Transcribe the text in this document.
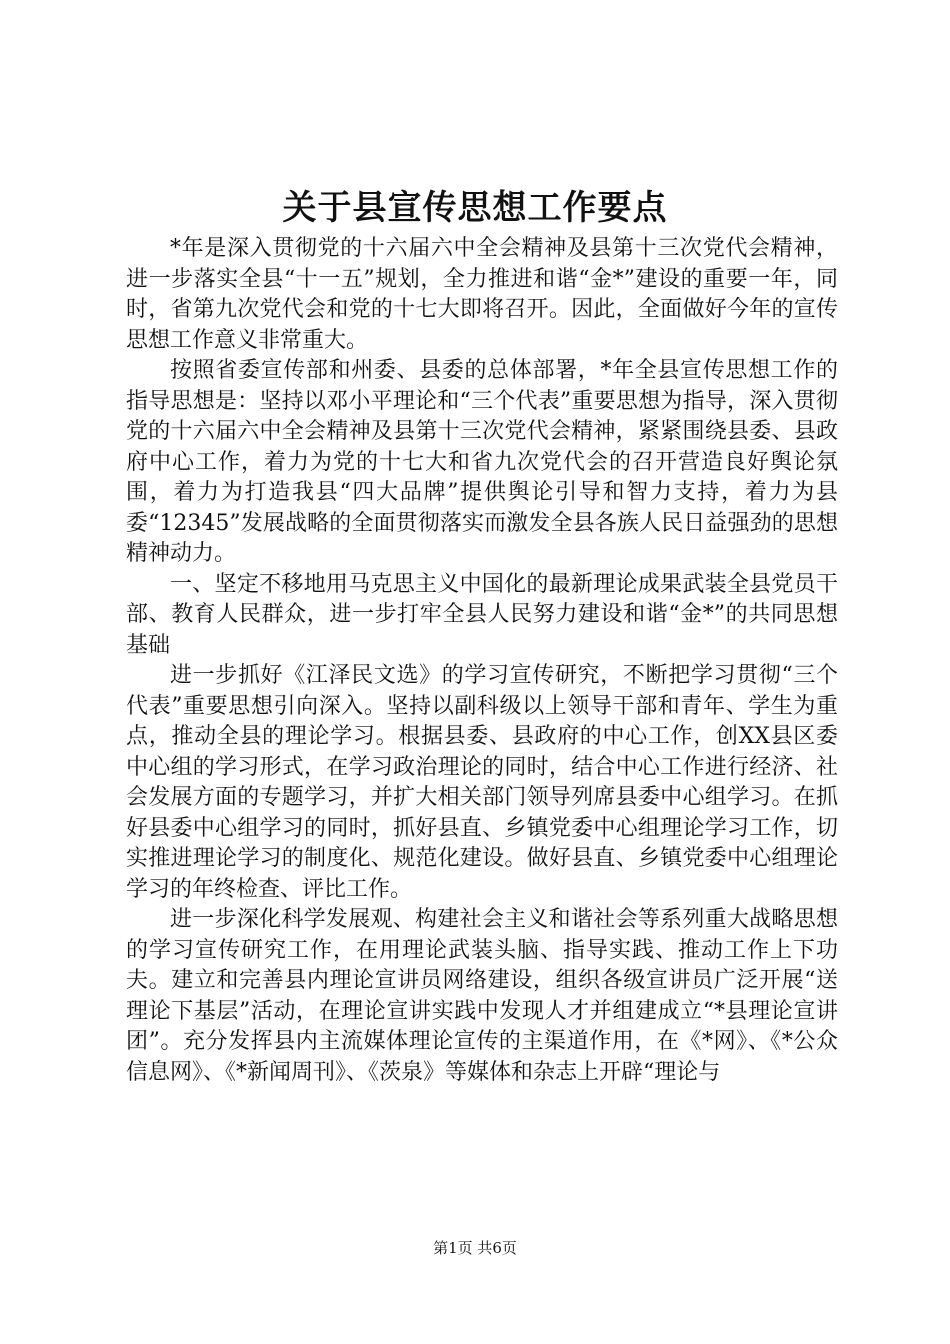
关于县宣传思想工作要点

*年是深入贯彻党的十六届六中全会精神及县第十三次党代会精神，进一步落实全县“十一五”规划，全力推进和谐“金*”建设的重要一年，同时，省第九次党代会和党的十七大即将召开。因此，全面做好今年的宣传思想工作意义非常重大。

按照省委宣传部和州委、县委的总体部署，*年全县宣传思想工作的指导思想是：坚持以邓小平理论和“三个代表”重要思想为指导，深入贯彻党的十六届六中全会精神及县第十三次党代会精神，紧紧围绕县委、县政府中心工作，着力为党的十七大和省九次党代会的召开营造良好舆论氛围，着力为打造我县“四大品牌”提供舆论引导和智力支持，着力为县委“12345”发展战略的全面贯彻落实而激发全县各族人民日益强劲的思想精神动力。

一、坚定不移地用马克思主义中国化的最新理论成果武装全县党员干部、教育人民群众，进一步打牢全县人民努力建设和谐“金*”的共同思想基础

进一步抓好《江泽民文选》的学习宣传研究，不断把学习贯彻“三个代表”重要思想引向深入。坚持以副科级以上领导干部和青年、学生为重点，推动全县的理论学习。根据县委、县政府的中心工作，创XX县区委中心组的学习形式，在学习政治理论的同时，结合中心工作进行经济、社会发展方面的专题学习，并扩大相关部门领导列席县委中心组学习。在抓好县委中心组学习的同时，抓好县直、乡镇党委中心组理论学习工作，切实推进理论学习的制度化、规范化建设。做好县直、乡镇党委中心组理论学习的年终检查、评比工作。

进一步深化科学发展观、构建社会主义和谐社会等系列重大战略思想的学习宣传研究工作，在用理论武装头脑、指导实践、推动工作上下功夫。建立和完善县内理论宣讲员网络建设，组织各级宣讲员广泛开展“送理论下基层”活动，在理论宣讲实践中发现人才并组建成立“*县理论宣讲团”。充分发挥县内主流媒体理论宣传的主渠道作用，在《*网》、《*公众信息网》、《*新闻周刊》、《茨泉》等媒体和杂志上开辟“理论与

第1页 共6页
